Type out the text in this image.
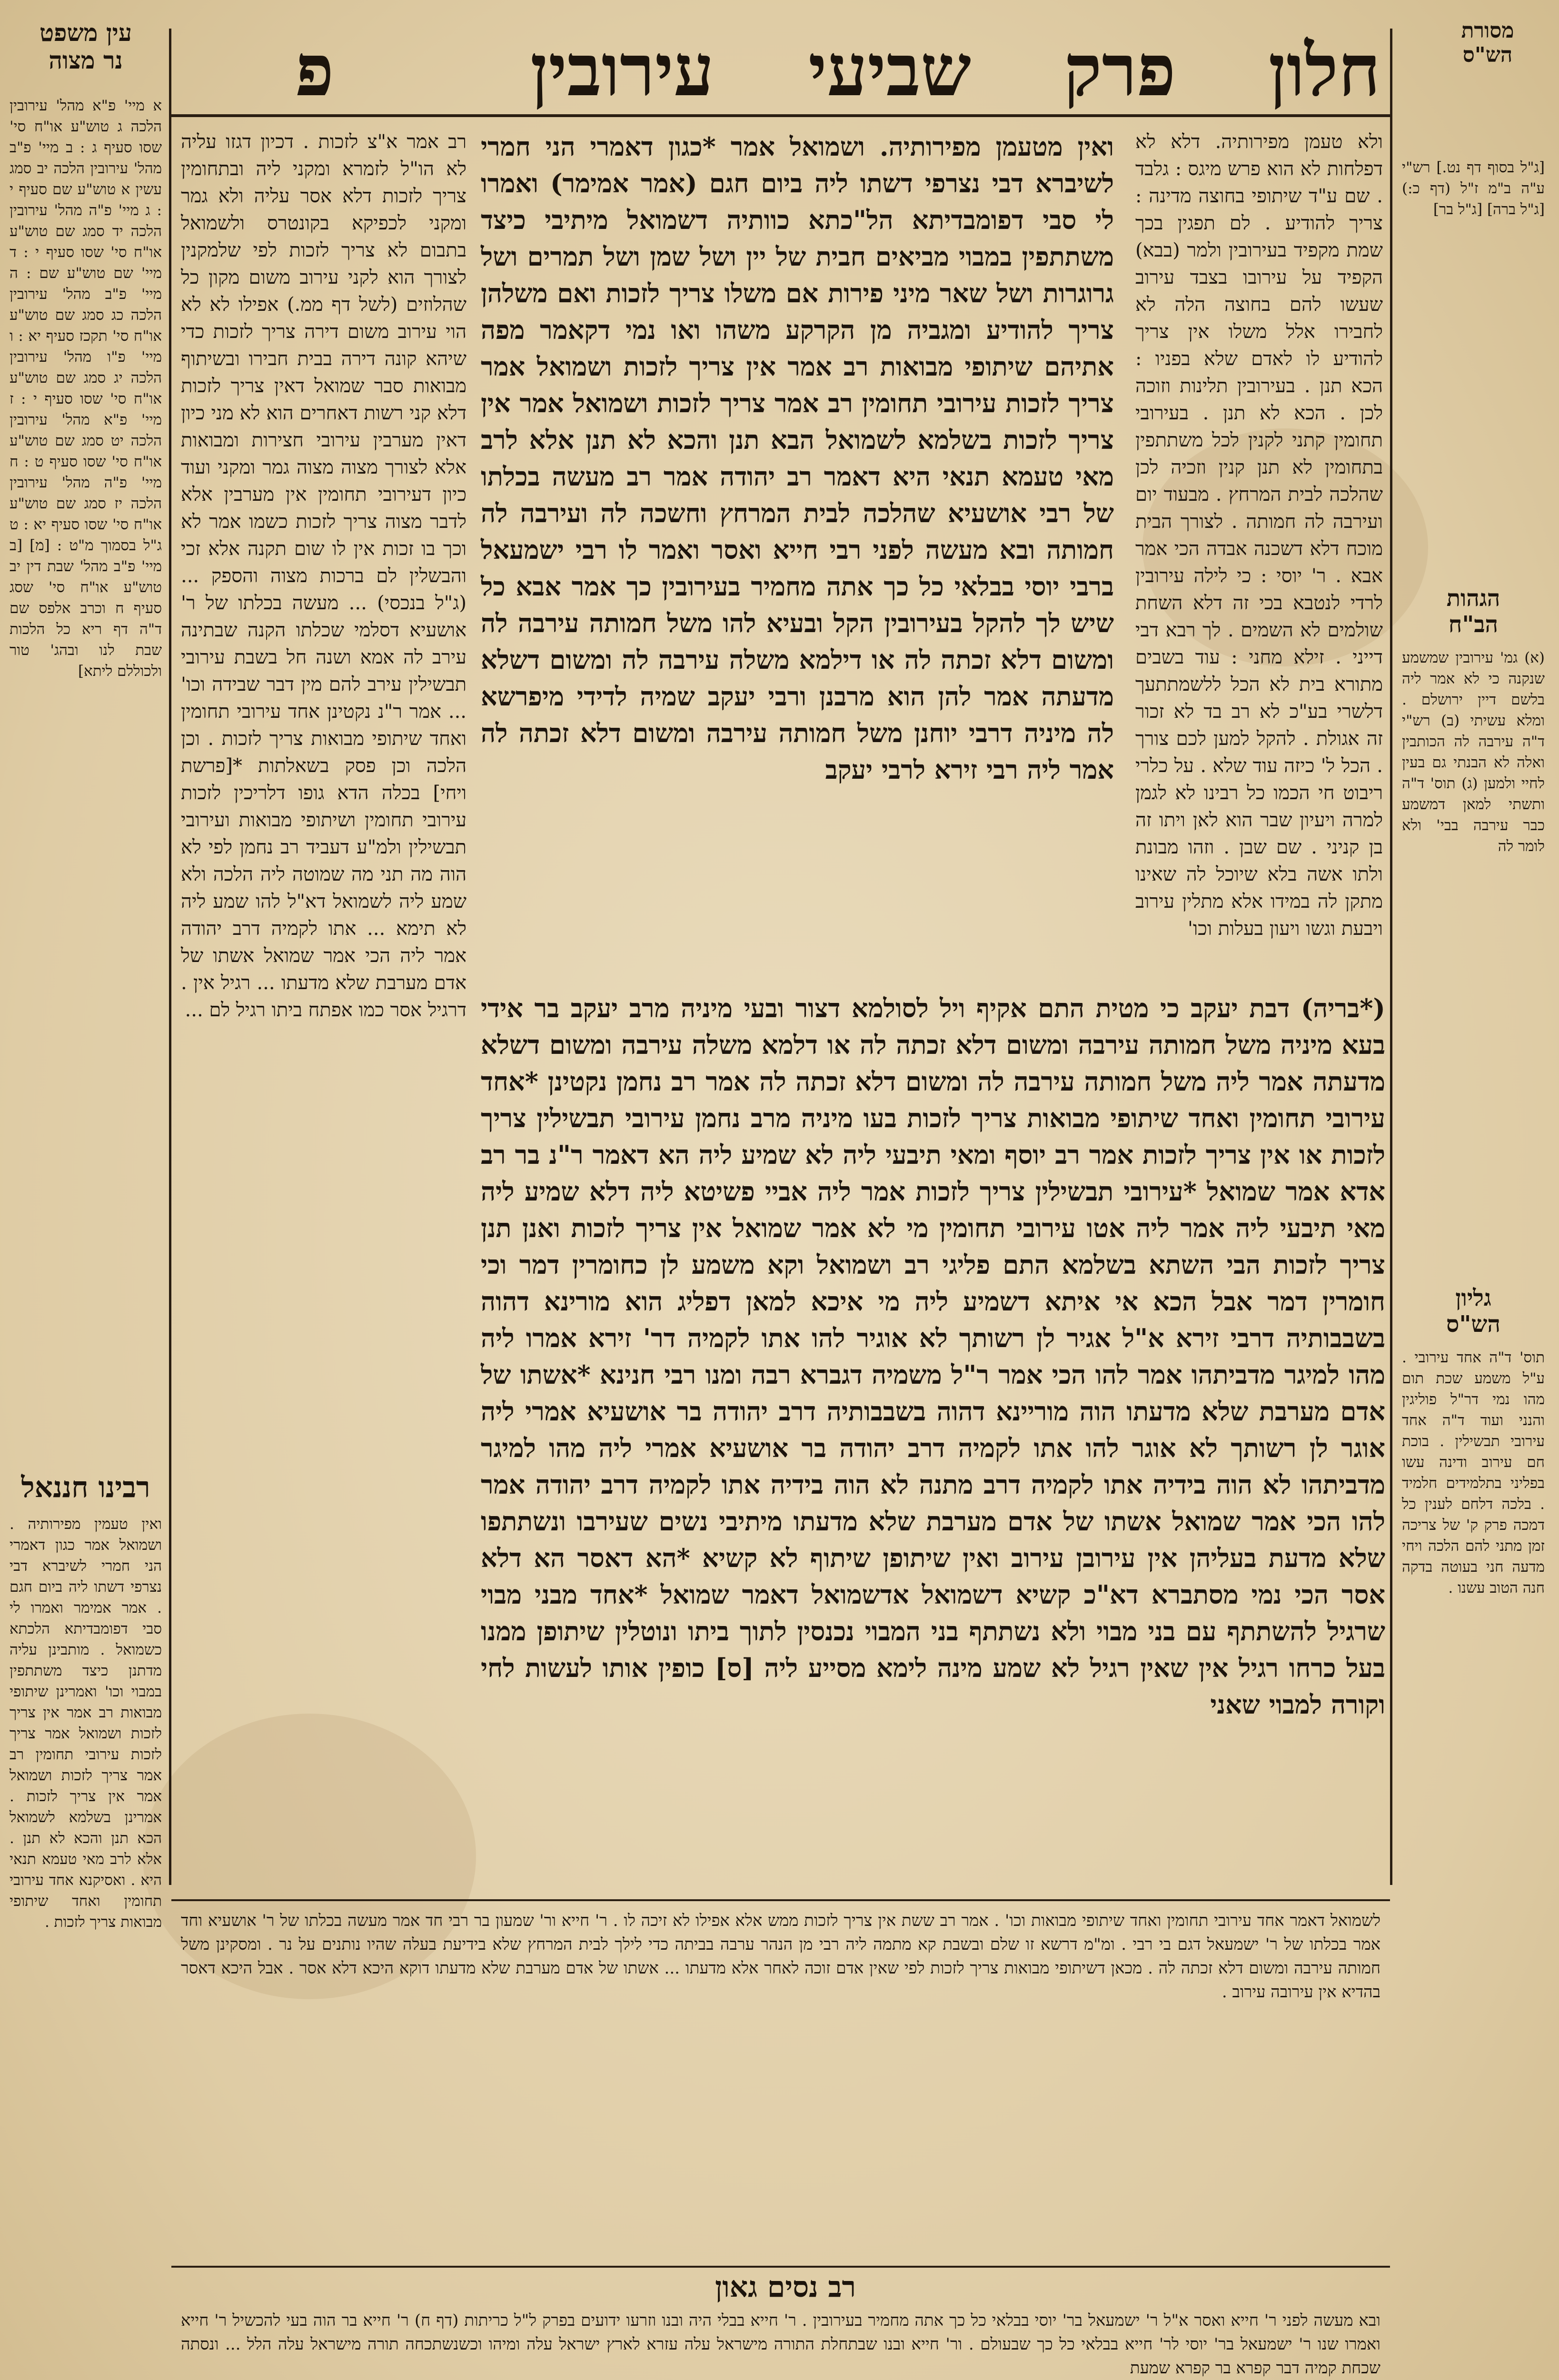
חלון
פרק
שביעי
עירובין
פ	מסורת
הש"ס
עין משפט
נר מצוה
[ג"ל בסוף דף נט.] רש"י ע"ה ב"מ ז"ל (דף כ:) [ג"ל ברה] [ג"ל בר]
הגהות
הב"ח
(א) גמ' עירובין שמשמע שנקנה כי לא אמר ליה בלשם דיין ירושלם . ומלא עשיתי (ב) רש"י ד"ה עירבה לה הכותבין ואלה לא הבנתי גם בעין לחיי ולמען (ג) תוס' ד"ה ותשתי למאן דמשמע כבר עירבה בבי' ולא לומר לה
גליון
הש"ס
תוס' ד"ה אחד עירובי . ע"ל משמע שכת תום מהו נמי דר"ל פוליגין והנני ועוד ד"ה אחד עירובי תבשילין . בוכת חם עירוב ודינה עשו בפליני בתלמידים חלמיד . בלכה דלחם לענין כל דמכה פרק ק' של צריכה זמן מתני להם הלכה ויחי מדעה חני בעוטה בדקה חנה הטוב עשנו .
א מיי' פ"א מהל' עירובין הלכה ג טוש"ע או"ח סי' שסו סעיף ג : ב מיי' פ"ב מהל' עירובין הלכה יב סמג עשין א טוש"ע שם סעיף י : ג מיי' פ"ה מהל' עירובין הלכה יד סמג שם טוש"ע או"ח סי' שסו סעיף י : ד מיי' שם טוש"ע שם : ה מיי' פ"ב מהל' עירובין הלכה כג סמג שם טוש"ע או"ח סי' תקכז סעיף יא : ו מיי' פ"ו מהל' עירובין הלכה יג סמג שם טוש"ע או"ח סי' שסו סעיף י : ז מיי' פ"א מהל' עירובין הלכה יט סמג שם טוש"ע או"ח סי' שסו סעיף ט : ח מיי' פ"ה מהל' עירובין הלכה יז סמג שם טוש"ע או"ח סי' שסו סעיף יא : ט ג"ל בסמוך מ"ט : [מ] [ב מיי' פ"ב מהל' שבת דין יב טוש"ע או"ח סי' שסג סעיף ח וכרב אלפס שם ד"ה דף ריא כל הלכות שבת לנו ובהג' טור ולכוללם ליתא]
רבינו חננאל
ואין טעמין מפירותיה . ושמואל אמר כגון דאמרי הני חמרי לשיברא דבי נצרפי דשתו ליה ביום חגם . אמר אמימר ואמרו לי סבי דפומבדיתא הלכתא כשמואל . מותבינן עליה מדתנן כיצד משתתפין במבוי וכו' ואמרינן שיתופי מבואות רב אמר אין צריך לזכות ושמואל אמר צריך לזכות עירובי תחומין רב אמר צריך לזכות ושמואל אמר אין צריך לזכות . אמרינן בשלמא לשמואל הכא תנן והכא לא תנן . אלא לרב מאי טעמא תנאי היא . ואסיקנא אחד עירובי תחומין ואחד שיתופי מבואות צריך לזכות .
ולא טעמן מפירותיה. דלא לא דפלחות לא הוא פרש מיגס : גלבד . שם ע"ד שיתופי בחוצה מדינה : צריך להודיע . לם תפגין בכך שמת מקפיד בעירובין ולמר (בבא) הקפיד על עירובו בצבד עירוב שעשו להם בחוצה הלה לא לחבירו אלל משלו אין צריך להודיע לו לאדם שלא בפניו : הכא תנן . בעירובין תלינות וזוכה לכן . הכא לא תנן . בעירובי תחומין קתני לקנין לכל משתתפין בתחומין לא תנן קנין וזכיה לכן שהלכה לבית המרחץ . מבעוד יום ועירבה לה חמותה . לצורך הבית מוכח דלא דשכנה אבדה הכי אמר אבא . ר' יוסי : כי לילה עירובין לרדי לנטבא בכי זה דלא השחת שולמים לא השמים . לך רבא דבי דייני . זילא מחני : עוד בשבים מתורא בית לא הכל ללשמתתעך דלשרי בע"כ לא רב בד לא זכור זה אגולת . להקל למען לכם צורך . הכל ל' כיזה עוד שלא . על כלרי ריבוט חי הכמו כל רבינו לא לגמן למרה ויעיון שבר הוא לאן ויתו זה בן קניני . שם שבן . וזהו מבונת ולתו אשה בלא שיוכל לה שאינו מתקן לה במידו אלא מתלין עירוב ויבעת וגשו ויעון בעלות וכו'
רב אמר א"צ לזכות . דכיון דגזו עליה לא הו"ל לזמרא ומקני ליה ובתחומין צריך לזכות דלא אסר עליה ולא גמר ומקני לכפיקא בקונטרס ולשמואל בתבום לא צריך לזכות לפי שלמקנין לצורך הוא לקני עירוב משום מקון כל שהלוזים (לשל דף ממ.) אפילו לא לא הוי עירוב משום דירה צריך לזכות כדי שיהא קונה דירה בבית חבירו ובשיתוף מבואות סבר שמואל דאין צריך לזכות דלא קני רשות דאחרים הוא לא מני כיון דאין מערבין עירובי חצירות ומבואות אלא לצורך מצוה מצוה גמר ומקני ועוד כיון דעירובי תחומין אין מערבין אלא לדבר מצוה צריך לזכות כשמו אמר לא וכך בו זכות אין לו שום תקנה אלא זכי והבשלין לם ברכות מצוה והספק ... (ג"ל בנכסי) ... מעשה בכלתו של ר' אושעיא דסלמי שכלתו הקנה שבתינה עירב לה אמא ושנה חל בשבת עירובי תבשילין עירב להם מין דבר שבידה וכו' ... אמר ר"נ נקטינן אחד עירובי תחומין ואחד שיתופי מבואות צריך לזכות . וכן הלכה וכן פסק בשאלתות *[פרשת ויחי] בכלה הדא גופו דלריכין לזכות עירובי תחומין ושיתופי מבואות ועירובי תבשילין ולמ"ע דעביד רב נחמן לפי לא הוה מה תני מה שמוטה ליה הלכה ולא שמע ליה לשמואל דא"ל להו שמע ליה לא תימא ... אתו לקמיה דרב יהודה אמר ליה הכי אמר שמואל אשתו של אדם מערבת שלא מדעתו ... רגיל אין . דרגיל אסר כמו אפתח ביתו רגיל לם ...
ואין מטעמן מפירותיה. ושמואל אמר *כגון דאמרי הני חמרי לשיברא דבי נצרפי דשתו ליה ביום חגם (אמר אמימר) ואמרו לי סבי דפומבדיתא הל"כתא כוותיה דשמואל מיתיבי כיצד משתתפין במבוי מביאים חבית של יין ושל שמן ושל תמרים ושל גרוגרות ושל שאר מיני פירות אם משלו צריך לזכות ואם משלהן צריך להודיע ומגביה מן הקרקע משהו ואו נמי דקאמר מפה אתיהם שיתופי מבואות רב אמר אין צריך לזכות ושמואל אמר צריך לזכות עירובי תחומין רב אמר צריך לזכות ושמואל אמר אין צריך לזכות בשלמא לשמואל הבא תנן והכא לא תנן אלא לרב מאי טעמא תנאי היא דאמר רב יהודה אמר רב מעשה בכלתו של רבי אושעיא שהלכה לבית המרחץ וחשכה לה ועירבה לה חמותה ובא מעשה לפני רבי חייא ואסר ואמר לו רבי ישמעאל ברבי יוסי בבלאי כל כך אתה מחמיר בעירובין כך אמר אבא כל שיש לך להקל בעירובין הקל ובעיא להו משל חמותה עירבה לה ומשום דלא זכתה לה או דילמא משלה עירבה לה ומשום דשלא מדעתה אמר להן הוא מרבנן ורבי יעקב שמיה לדידי מיפרשא לה מיניה דרבי יוחנן משל חמותה עירבה ומשום דלא זכתה לה אמר ליה רבי זירא לרבי יעקב
(*בריה) דבת יעקב כי מטית התם אקיף ויל לסולמא דצור ובעי מיניה מרב יעקב בר אידי בעא מיניה משל חמותה עירבה ומשום דלא זכתה לה או דלמא משלה עירבה ומשום דשלא מדעתה אמר ליה משל חמותה עירבה לה ומשום דלא זכתה לה אמר רב נחמן נקטינן *אחד עירובי תחומין ואחד שיתופי מבואות צריך לזכות בעו מיניה מרב נחמן עירובי תבשילין צריך לזכות או אין צריך לזכות אמר רב יוסף ומאי תיבעי ליה לא שמיע ליה הא דאמר ר"נ בר רב אדא אמר שמואל *עירובי תבשילין צריך לזכות אמר ליה אביי פשיטא ליה דלא שמיע ליה מאי תיבעי ליה אמר ליה אטו עירובי תחומין מי לא אמר שמואל אין צריך לזכות ואנן תנן צריך לזכות הבי השתא בשלמא התם פליגי רב ושמואל וקא משמע לן כחומרין דמר וכי חומרין דמר אבל הכא אי איתא דשמיע ליה מי איכא למאן דפליג הוא מורינא דהוה בשבבותיה דרבי זירא א"ל אגיר לן רשותך לא אוגיר להו אתו לקמיה דר' זירא אמרו ליה מהו למיגר מדביתהו אמר להו הכי אמר ר"ל משמיה דגברא רבה ומנו רבי חנינא *אשתו של אדם מערבת שלא מדעתו הוה מוריינא דהוה בשבבותיה דרב יהודה בר אושעיא אמרי ליה אוגר לן רשותך לא אוגר להו אתו לקמיה דרב יהודה בר אושעיא אמרי ליה מהו למיגר מדביתהו לא הוה בידיה אתו לקמיה דרב מתנה לא הוה בידיה אתו לקמיה דרב יהודה אמר להו הכי אמר שמואל אשתו של אדם מערבת שלא מדעתו מיתיבי נשים שעירבו ונשתתפו שלא מדעת בעליהן אין עירובן עירוב ואין שיתופן שיתוף לא קשיא *הא דאסר הא דלא אסר הכי נמי מסתברא דא"כ קשיא דשמואל אדשמואל דאמר שמואל *אחד מבני מבוי שרגיל להשתתף עם בני מבוי ולא נשתתף בני המבוי נכנסין לתוך ביתו ונוטלין שיתופן ממנו בעל כרחו רגיל אין שאין רגיל לא שמע מינה לימא מסייע ליה [ס] כופין אותו לעשות לחי וקורה למבוי שאני
לשמואל דאמר אחד עירובי תחומין ואחד שיתופי מבואות וכו' . אמר רב ששת אין צריך לזכות ממש אלא אפילו לא זיכה לו . ר' חייא ור' שמעון בר רבי חד אמר מעשה בכלתו של ר' אושעיא וחד אמר בכלתו של ר' ישמעאל דגם בי רבי . ומ"מ דרשא זו שלם ובשבת קא מתמה ליה רבי מן הנהר ערבה בביתה כדי לילך לבית המרחץ שלא בידיעת בעלה שהיו נותנים על נר . ומסקינן משל חמותה עירבה ומשום דלא זכתה לה . מכאן דשיתופי מבואות צריך לזכות לפי שאין אדם זוכה לאחר אלא מדעתו ... אשתו של אדם מערבת שלא מדעתו דוקא היכא דלא אסר . אבל היכא דאסר בהדיא אין עירובה עירוב .
רב נסים גאון
ובא מעשה לפני ר' חייא ואסר א"ל ר' ישמעאל בר' יוסי בבלאי כל כך אתה מחמיר בעירובין . ר' חייא בבלי היה ובנו וזרעו ידועים בפרק ל"ל כריתות (דף ח) ר' חייא בר הוה בעי להכשיל ר' חייא ואמרו שנו ר' ישמעאל בר' יוסי לר' חייא בבלאי כל כך שבעולם . ור' חייא ובנו שבתחלת התורה מישראל עלה עזרא לארץ ישראל עלה ומיהו וכשנשתכחה תורה מישראל עלה הלל ... ונסתה שכחת קמיה דבר קפרא בר קפרא שמעת
